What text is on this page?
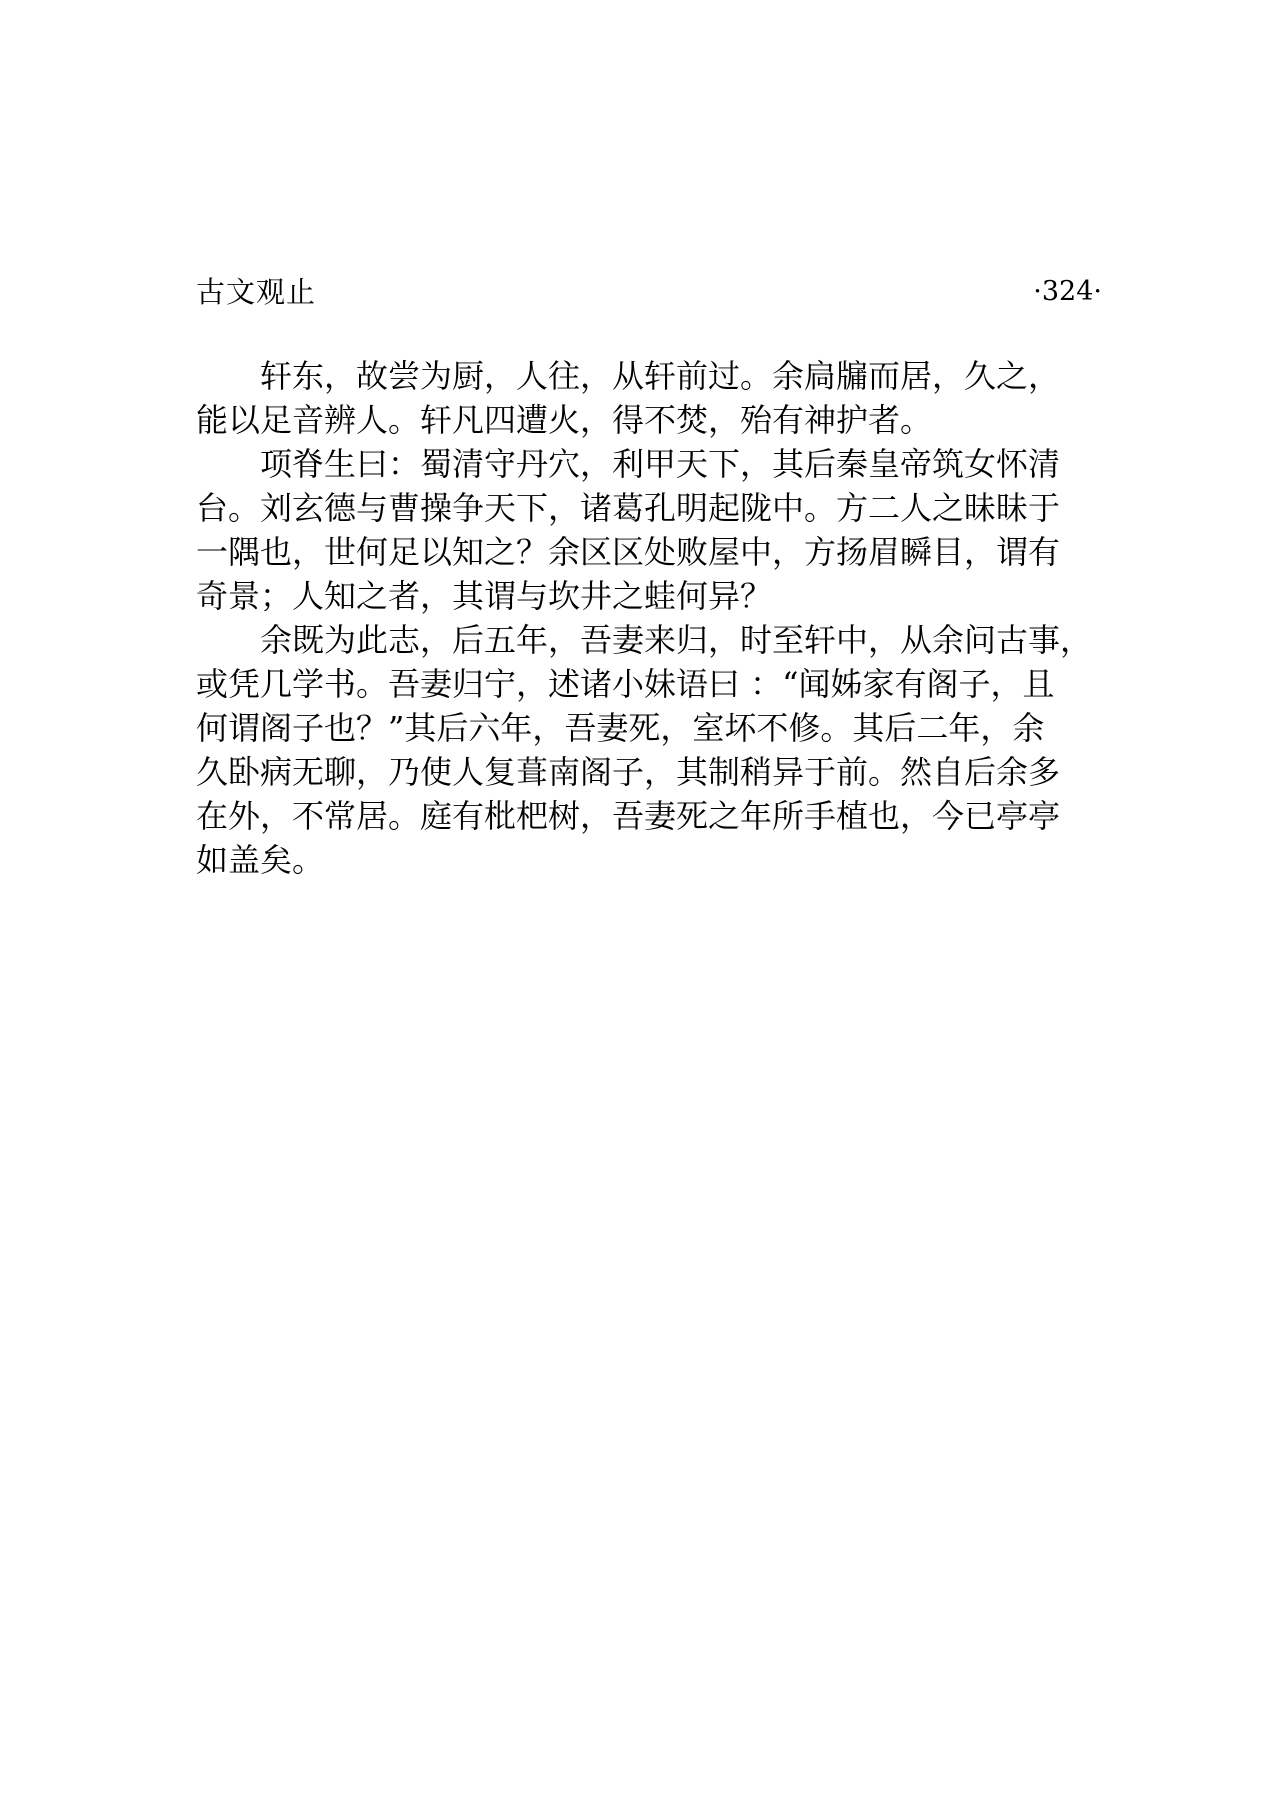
古文观止	·324·
轩东，故尝为厨，人往，从轩前过。余扃牖而居，久之，
能以足音辨人。轩凡四遭火，得不焚，殆有神护者。
项脊生曰：蜀清守丹穴，利甲天下，其后秦皇帝筑女怀清
台。刘玄德与曹操争天下，诸葛孔明起陇中。方二人之昧昧于
一隅也，世何足以知之？余区区处败屋中，方扬眉瞬目，谓有
奇景；人知之者，其谓与坎井之蛙何异？
余既为此志，后五年，吾妻来归，时至轩中，从余问古事，
或凭几学书。吾妻归宁，述诸小妹语曰 ：“闻姊家有阁子，且
何谓阁子也？”其后六年，吾妻死，室坏不修。其后二年，余
久卧病无聊，乃使人复葺南阁子，其制稍异于前。然自后余多
在外，不常居。庭有枇杷树，吾妻死之年所手植也，今已亭亭
如盖矣。
